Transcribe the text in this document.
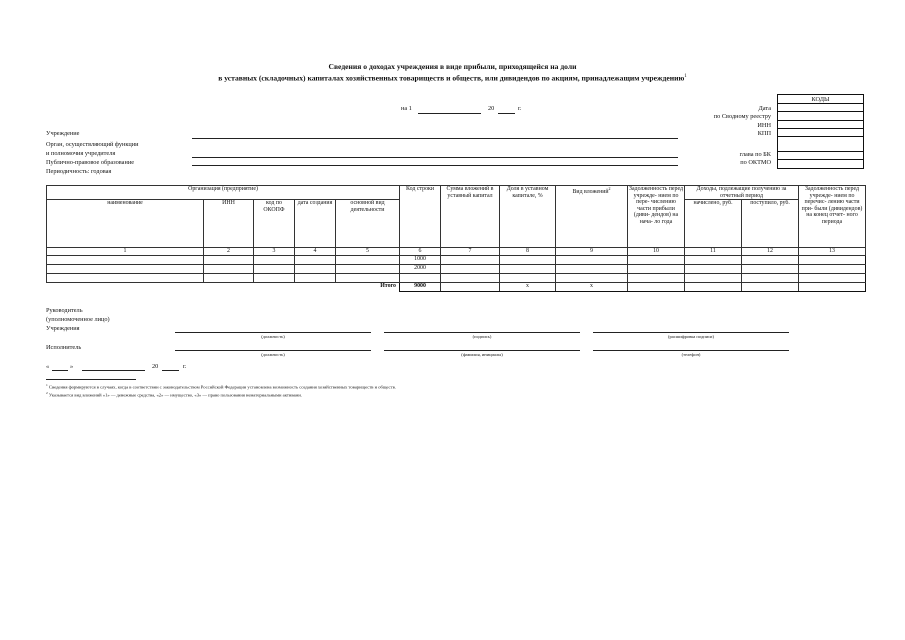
Сведения о доходах учреждения в виде прибыли, приходящейся на доли
в уставных (складочных) капиталах хозяйственных товариществ и обществ, или дивидендов по акциям, принадлежащим учреждению$^1$
на 1	20	г.
КОДЫ

Дата
по Сводному реестру
ИНН
КПП
глава по БК
по ОКТМО
Учреждение
Орган, осуществляющий функции
и полномочия учредителя
Публично-правовое образование
Периодичность: годовая
Организация (предприятие)					Код строки	Сумма вложений в уставный капитал	Доля в уставном капитале, %	Вид вложений$^2$	Задолженность перед учрежде- нием по пере- числению части прибыли (диви- дендов) на нача- ло года	Доходы, подлежащие получению за отчетный период		Задолженность перед учрежде- нием по перечис- лению части при- были (дивидендов) на конец отчет- ного периода
наименование	ИНН	код по ОКОПФ	дата создания	основной вид деятельности						начислено, руб.	поступило, руб.	
1	2	3	4	5	6	7	8	9	10	11	12	13
					1000							
					2000							

Итого					9000		x	x				
Руководитель
(уполномоченное лицо)
Учреждения
(должность)	(подпись)	(расшифровка подписи)
Исполнитель
(должность)	(фамилия, инициалы)	(телефон)
«	»	20	г.
$^1$ Сведения формируются в случаях, когда в соответствии с законодательством Российской Федерации установлена возможность создания хозяйственных товариществ и обществ.
$^2$ Указывается вид вложений «1» — денежные средства, «2» — имущество, «3» — право пользования нематериальными активами.
